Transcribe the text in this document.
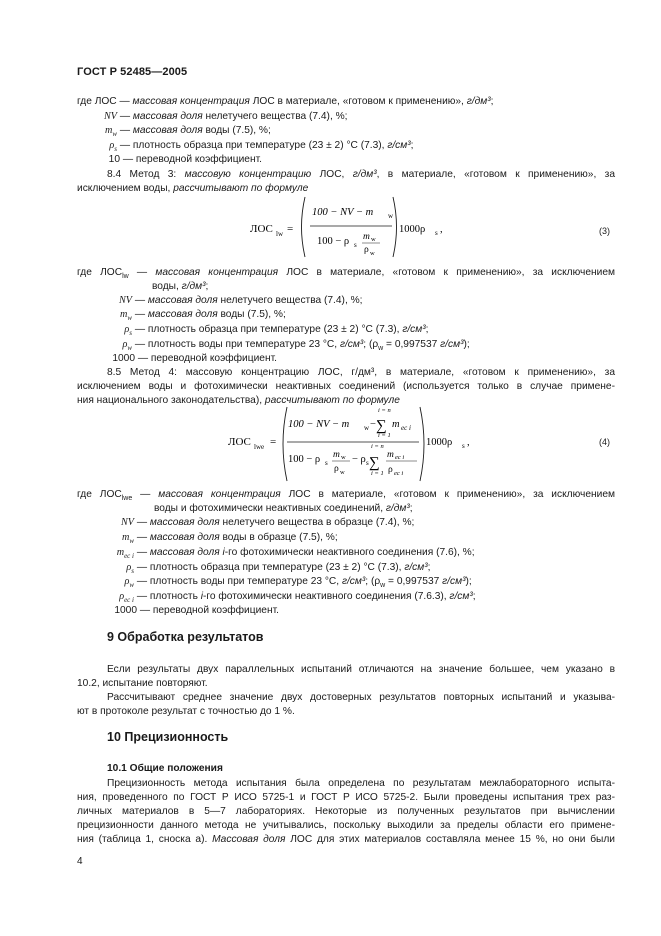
ГОСТ Р 52485—2005
где ЛОС — массовая концентрация ЛОС в материале, «готовом к применению», г/дм³;
NV — массовая доля нелетучего вещества (7.4), %;
$m_w$ — массовая доля воды (7.5), %;
$\rho_s$ — плотность образца при температуре (23 ± 2) °C (7.3), г/см³;
10 — переводной коэффициент.
8.4 Метод 3: массовую концентрацию ЛОС, г/дм³, в материале, «готовом к применению», за
исключением воды, рассчитывают по формуле
ЛОС lw =
100 − NV − m w
100 − ρ s
m w
ρ w
1000ρ s ,	(3)
где $ЛОС_{lw}$ — массовая концентрация ЛОС в материале, «готовом к применению», за исключением
воды, г/дм³;
NV — массовая доля нелетучего вещества (7.4), %;
$m_w$ — массовая доля воды (7.5), %;
$\rho_s$ — плотность образца при температуре (23 ± 2) °C (7.3), г/см³;
$\rho_w$ — плотность воды при температуре 23 °C, г/см³; ($\rho_w = 0,997537$ г/см³);
1000 — переводной коэффициент.
8.5 Метод 4: массовую концентрацию ЛОС, г/дм³, в материале, «готовом к применению», за
исключением воды и фотохимически неактивных соединений (используется только в случае примене-
ния национального законодательства), рассчитывают по формуле
ЛОС lwe =
100 − NV − m w −
i = n
∑
i = 1
m ec i
100 − ρ s
m w
ρ w
− ρ s
i = n
∑
i = 1
m ec i
ρ ec i
1000ρ s ,	(4)
где $ЛОС_{lwe}$ — массовая концентрация ЛОС в материале, «готовом к применению», за исключением
воды и фотохимически неактивных соединений, г/дм³;
NV — массовая доля нелетучего вещества в образце (7.4), %;
$m_w$ — массовая доля воды в образце (7.5), %;
$m_{ec i}$ — массовая доля i-го фотохимически неактивного соединения (7.6), %;
$\rho_s$ — плотность образца при температуре (23 ± 2) °C (7.3), г/см³;
$\rho_w$ — плотность воды при температуре 23 °C, г/см³; ($\rho_w = 0,997537$ г/см³);
$\rho_{ec i}$ — плотность i-го фотохимически неактивного соединения (7.6.3), г/см³;
1000 — переводной коэффициент.
9 Обработка результатов
Если результаты двух параллельных испытаний отличаются на значение большее, чем указано в
10.2, испытание повторяют.
Рассчитывают среднее значение двух достоверных результатов повторных испытаний и указыва-
ют в протоколе результат с точностью до 1 %.
10 Прецизионность
10.1 Общие положения
Прецизионность метода испытания была определена по результатам межлабораторного испыта-
ния, проведенного по ГОСТ Р ИСО 5725-1 и ГОСТ Р ИСО 5725-2. Были проведены испытания трех раз-
личных материалов в 5—7 лабораториях. Некоторые из полученных результатов при вычислении
прецизионности данного метода не учитывались, поскольку выходили за пределы области его примене-
ния (таблица 1, сноска а). Массовая доля ЛОС для этих материалов составляла менее 15 %, но они были
4
